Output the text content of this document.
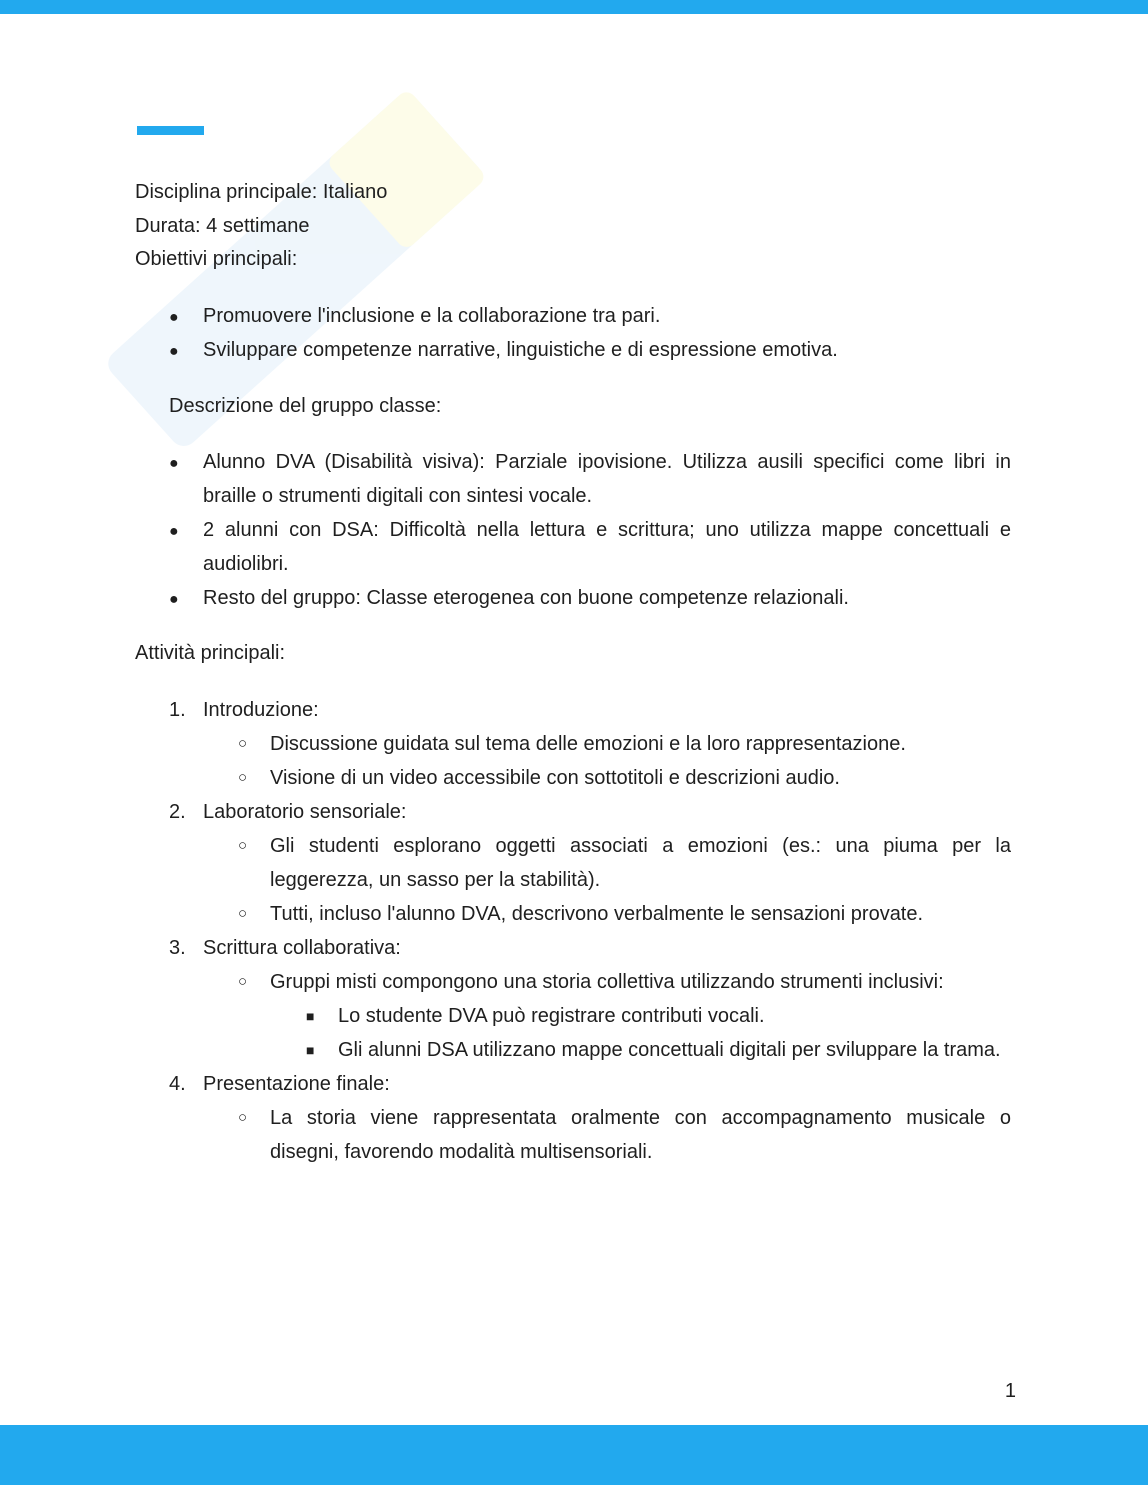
Disciplina principale: Italiano
Durata: 4 settimane
Obiettivi principali:
●
Promuovere l'inclusione e la collaborazione tra pari.
●
Sviluppare competenze narrative, linguistiche e di espressione emotiva.
Descrizione del gruppo classe:
●
Alunno DVA (Disabilità visiva): Parziale ipovisione. Utilizza ausili specifici come libri in braille o strumenti digitali con sintesi vocale.
●
2 alunni con DSA: Difficoltà nella lettura e scrittura; uno utilizza mappe concettuali e audiolibri.
●
Resto del gruppo: Classe eterogenea con buone competenze relazionali.
Attività principali:
1. Introduzione:
○
Discussione guidata sul tema delle emozioni e la loro rappresentazione.
○
Visione di un video accessibile con sottotitoli e descrizioni audio.
2. Laboratorio sensoriale:
○
Gli studenti esplorano oggetti associati a emozioni (es.: una piuma per la leggerezza, un sasso per la stabilità).
○
Tutti, incluso l'alunno DVA, descrivono verbalmente le sensazioni provate.
3. Scrittura collaborativa:
○
Gruppi misti compongono una storia collettiva utilizzando strumenti inclusivi:
■
Lo studente DVA può registrare contributi vocali.
■
Gli alunni DSA utilizzano mappe concettuali digitali per sviluppare la trama.
4. Presentazione finale:
○
La storia viene rappresentata oralmente con accompagnamento musicale o disegni, favorendo modalità multisensoriali.
1
